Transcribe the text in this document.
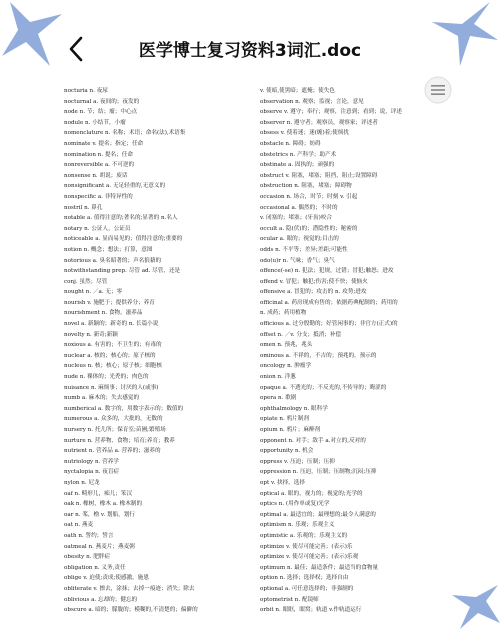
医学博士复习资料3词汇.doc
nocturia n. 夜尿
nocturnal a. 夜间的；夜发的
node n. 节；结；瘤；中心点
nodule n. 小结节，小瘤
nomenclature n. 名称；术语；命名(法),术语集
nominate v. 提名；指定；任命
nomination n. 提名；任命
nonreversible a. 不可逆的
nonsense n. 胡说；废话
nonsignificant a. 无足轻重的,无意义的
nonspecific a. 非特异性的
nostril n. 鼻孔
notable a. 值得注意的;著名的;显著的 n.名人
notary n. 公证人，公证员
noticeable a. 显而易见的；值得注意的;重要的
notion n. 概念；想法；打算，意图
notorious a. 臭名昭著的；声名狼藉的
notwithstanding prep. 尽管 ad. 尽管，还是
conj. 虽然；尽管
nought n. ／a. 无；零
nourish v. 施肥于；提供养分；养育
nourishment n. 食物，滋养品
novel a. 新颖的；新奇的 n. 长篇小说
novelty n. 新奇;新颖
noxious a. 有害的；不卫生的；有毒的
nuclear a. 核的；核心的；原子核的
nucleus n. 核；核心；原子核；细胞核
nude n. 裸体的；光秃的；肉色的
nuisance n. 麻烦事；讨厌的人(或事)
numb a. 麻木的；失去感觉的
numberical a. 数字的，用数字表示的；数值的
numerous a. 众多的，大批的，无数的
nursery n. 托儿所；保育室;苗圃;繁殖场
nurture n. 营养物，食物；培育;养育；教养
nutrient n. 营养品 a. 营养的；滋养的
nutriology n. 营养学
nyctalopia n. 夜盲症
nylon n. 尼龙
oaf n. 畸形儿，痴儿；笨汉
oak n. 橡树，橡木 a. 橡木制的
oar n. 桨，橹 v. 划船，划行
oat n. 燕麦
oath n. 誓约；誓言
oatmeal n. 燕麦片；燕麦粥
obesity n. 肥胖症
obligation n. 义务,责任
oblige v. 迫使;责成;使感激，施恩
obliterate v. 擦去，涂抹；去掉一痕迹；消失；除去
oblivious a. 忘却的；健忘的
obscure a. 暗的；朦胧的；模糊的,不清楚的；偏僻的
v. 使暗,使黑暗；遮掩；使失色
observation n. 观察；监视；言论，意见
observe v. 遵守；奉行；观察，注意到；看到；说，评述
observer n. 遵守者；观察员，观察家；评述者
obsess v. 使着迷；迷(缠)着;使烦扰
obstacle n. 障碍；妨碍
obstetrics n. 产科学；助产术
obstinate a. 固执的；顽强的
obstruct v. 阻塞，堵塞；阻挡，阻止;设置障碍
obstruction n. 阻塞，堵塞；障碍物
occasion n. 场合，时节；时刻 v. 引起
occasional a. 偶然的；不时的
v. 闭塞的；堵塞；(牙齿)咬合
occult a. 隐(伏)的；潜隐性的；秘密的
ocular a. 眼的；视觉的;目击的
odds n. 不平等；差异;差距;可能性
odo(u)r n. 气味；香气；臭气
offence(-se) n. 犯法；犯规，过错；冒犯;触怒；进攻
offend v. 冒犯；触犯;伤害;使不快；使恼火
offensive a. 冒犯的；攻击的 n. 攻势;进攻
officinal a. 药房现成有售的；依据药典配制的；药用的
n. 成药；药用植物
officious a. 过分殷勤的；好管闲事的；非官方(正式)的
offset n. ／v. 分支；抵消；补偿
omen n. 预兆，兆头
ominous a. 不祥的，不吉的；预兆的，预示的
oncology n. 肿瘤学
onion n. 洋葱
opaque a. 不透光的；不反光的,不传导的；晦涩的
opera n. 歌剧
ophthalmology n. 眼科学
opiate n. 鸦片制剂
opium n. 鸦片；麻醉剂
opponent n. 对手；敌手 a.对立的,反对的
opportunity n. 机会
oppress v. 压迫；压制；压抑
oppression n. 压迫，压制；压制物;沉闷;压抑
opt v. 抉择，选择
optical a. 眼的，视力的；视觉的;光学的
optics n. (用作单或复)光学
optimal a. 最适宜的；最理想的;最令人满意的
optimism n. 乐观；乐观主义
optimistic a. 乐观的；乐观主义的
optimize v. 使尽可能完善；(表示)乐
optimize v. 使尽可能完善；(表示)乐观
optimum n. 最佳；最适条件；最适当的食物量
option n. 选择；选择权；选择自由
optional a. 可任意选择的；非强制的
optometrist n. 配镜师
orbit n. 眼眶，眼窝；轨道 v.作轨道运行
